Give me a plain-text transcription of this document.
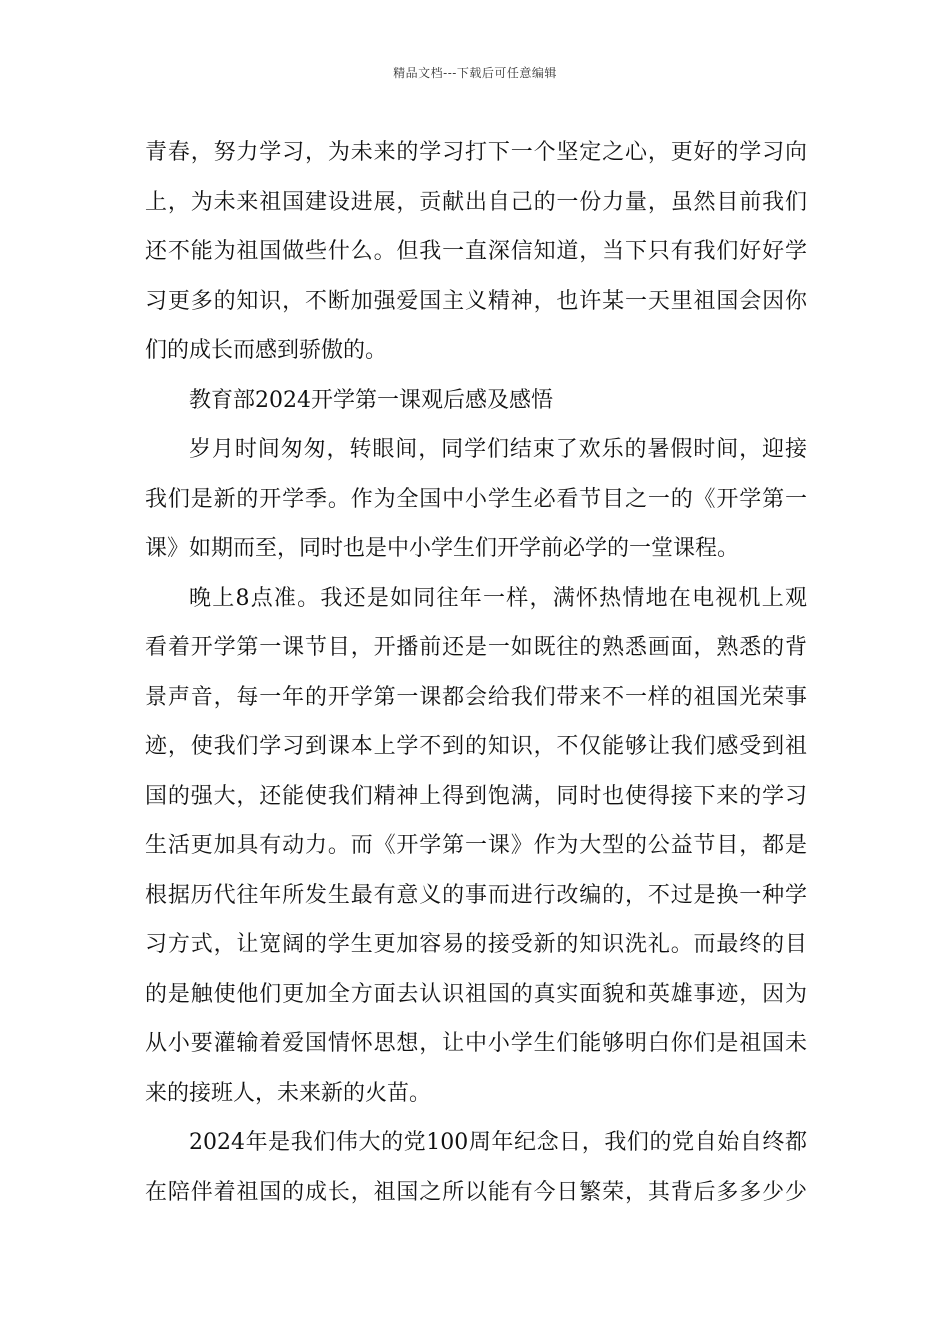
精品文档---下载后可任意编辑
青春，努力学习，为未来的学习打下一个坚定之心，更好的学习向
上，为未来祖国建设进展，贡献出自己的一份力量，虽然目前我们
还不能为祖国做些什么。但我一直深信知道，当下只有我们好好学
习更多的知识，不断加强爱国主义精神，也许某一天里祖国会因你
们的成长而感到骄傲的。
教育部2024开学第一课观后感及感悟
岁月时间匆匆，转眼间，同学们结束了欢乐的暑假时间，迎接
我们是新的开学季。作为全国中小学生必看节目之一的《开学第一
课》如期而至，同时也是中小学生们开学前必学的一堂课程。
晚上8点准。我还是如同往年一样，满怀热情地在电视机上观
看着开学第一课节目，开播前还是一如既往的熟悉画面，熟悉的背
景声音，每一年的开学第一课都会给我们带来不一样的祖国光荣事
迹，使我们学习到课本上学不到的知识，不仅能够让我们感受到祖
国的强大，还能使我们精神上得到饱满，同时也使得接下来的学习
生活更加具有动力。而《开学第一课》作为大型的公益节目，都是
根据历代往年所发生最有意义的事而进行改编的，不过是换一种学
习方式，让宽阔的学生更加容易的接受新的知识洗礼。而最终的目
的是触使他们更加全方面去认识祖国的真实面貌和英雄事迹，因为
从小要灌输着爱国情怀思想，让中小学生们能够明白你们是祖国未
来的接班人，未来新的火苗。
2024年是我们伟大的党100周年纪念日，我们的党自始自终都
在陪伴着祖国的成长，祖国之所以能有今日繁荣，其背后多多少少
